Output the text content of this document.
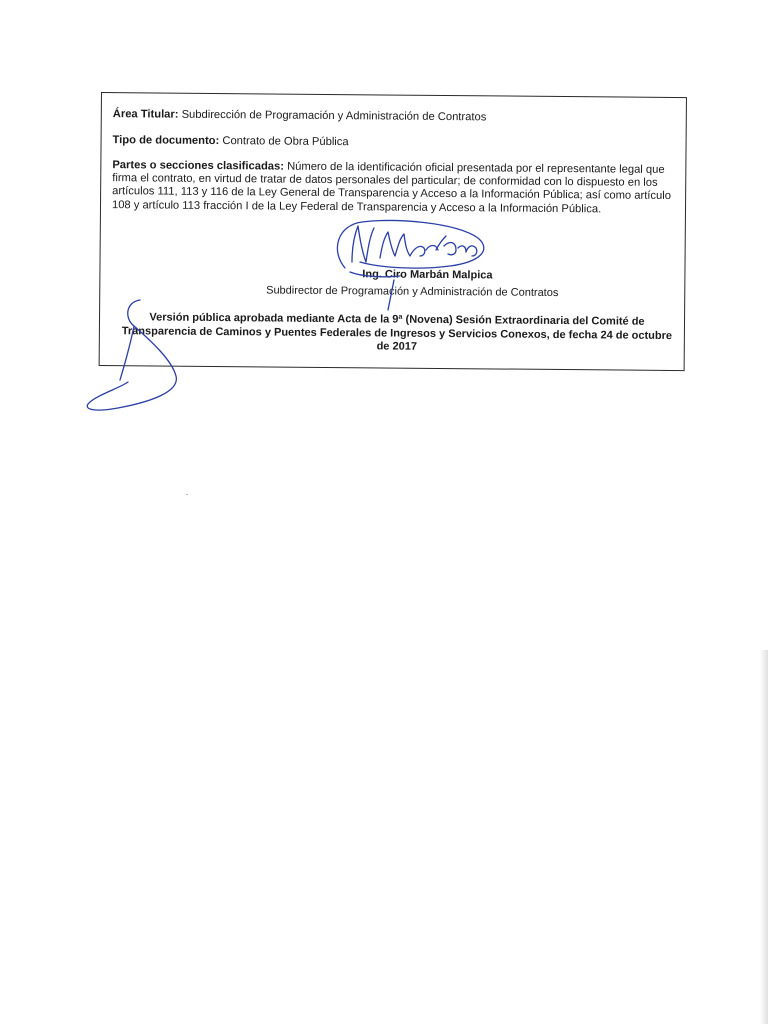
Área Titular: Subdirección de Programación y Administración de Contratos
Tipo de documento: Contrato de Obra Pública
Partes o secciones clasificadas: Número de la identificación oficial presentada por el representante legal que firma el contrato, en virtud de tratar de datos personales del particular; de conformidad con lo dispuesto en los artículos 111, 113 y 116 de la Ley General de Transparencia y Acceso a la Información Pública; así como artículo 108 y artículo 113 fracción I de la Ley Federal de Transparencia y Acceso a la Información Pública.
Ing. Ciro Marbán Malpica
Subdirector de Programación y Administración de Contratos
Versión pública aprobada mediante Acta de la 9ª (Novena) Sesión Extraordinaria del Comité de Transparencia de Caminos y Puentes Federales de Ingresos y Servicios Conexos, de fecha 24 de octubre de 2017
